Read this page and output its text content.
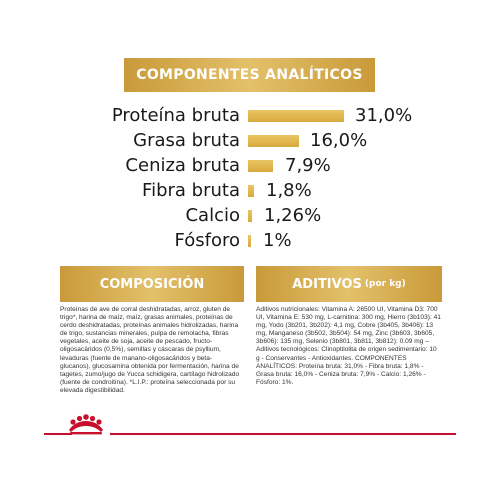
COMPONENTES ANALÍTICOS
Proteína bruta	31,0%
Grasa bruta	16,0%
Ceniza bruta	7,9%
Fibra bruta 1,8%
Calcio 1,26%
Fósforo 1%
COMPOSICIÓN
Proteínas de ave de corral deshidratadas, arroz, gluten de trigo*, harina de maíz, maíz, grasas animales, proteínas de cerdo deshidratadas, proteínas animales hidrolizadas, harina de trigo, sustancias minerales, pulpa de remolacha, fibras vegetales, aceite de soja, aceite de pescado, fructo-oligosacáridos (0,5%), semillas y cáscaras de psyllium, levaduras (fuente de manano-oligosacáridos y beta-glucanos), glucosamina obtenida por fermentación, harina de tagetes, zumo/jugo de Yucca schidigera, cartílago hidrolizado (fuente de condroitina). *L.I.P.: proteína seleccionada por su elevada digestibilidad.
ADITIVOS (por kg)
Aditivos nutricionales: Vitamina A: 26500 UI, Vitamina D3: 700 UI, Vitamina E: 530 mg, L-carnitina: 300 mg, Hierro (3b103): 41 mg, Yodo (3b201, 3b202): 4,1 mg, Cobre (3b405, 3b406): 13 mg, Manganeso (3b502, 3b504): 54 mg, Zinc (3b603, 3b605, 3b606): 135 mg, Selenio (3b801, 3b811, 3b812): 0.09 mg – Aditivos tecnológicos: Clinoptilolita de origen sedimentario: 10 g - Conservantes - Antioxidantes. COMPONENTES ANALÍTICOS: Proteína bruta: 31,0% - Fibra bruta: 1,8% - Grasa bruta: 16,0% - Ceniza bruta: 7,9% - Calcio: 1,26% - Fósforo: 1%.
